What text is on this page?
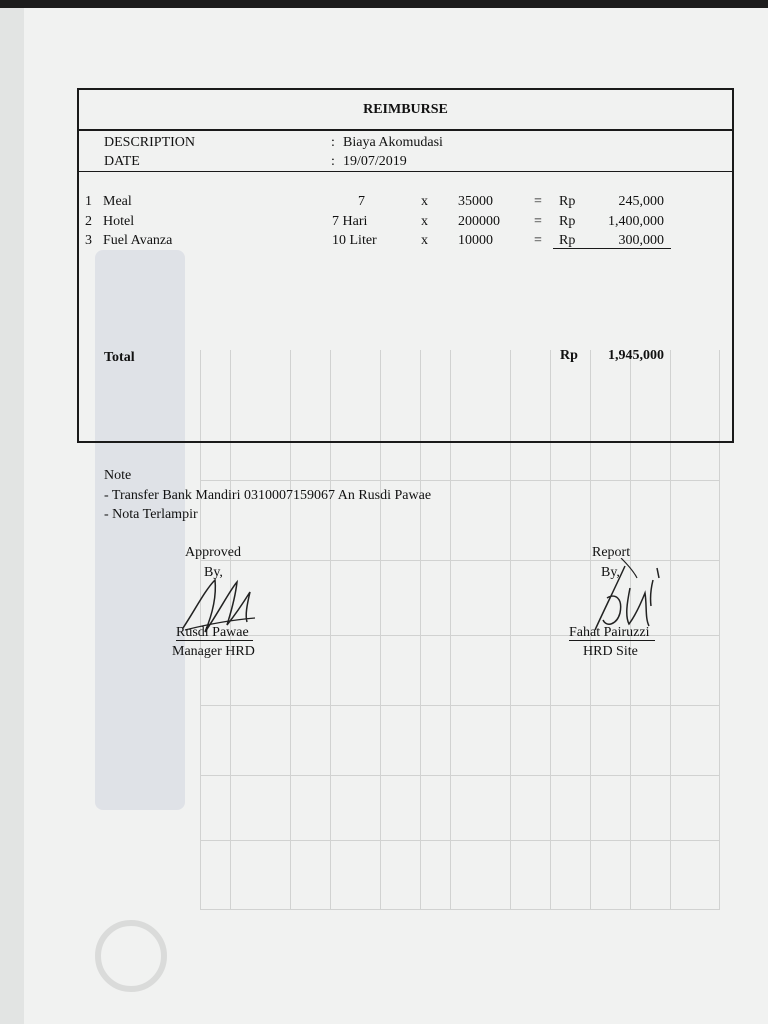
REIMBURSE
DESCRIPTION	: Biaya Akomudasi
DATE	: 19/07/2019
1 Meal	7	x 35000	= Rp	245,000
2 Hotel	7 Hari	x 200000 = Rp	1,400,000
3 Fuel Avanza	10 Liter	x 10000	= Rp	300,000
Total	Rp	1,945,000
Note
- Transfer Bank Mandiri 0310007159067 An Rusdi Pawae
- Nota Terlampir
Approved
By,
Rusdi Pawae
Manager HRD
Report
By,
Fahat Pairuzzi
HRD Site
